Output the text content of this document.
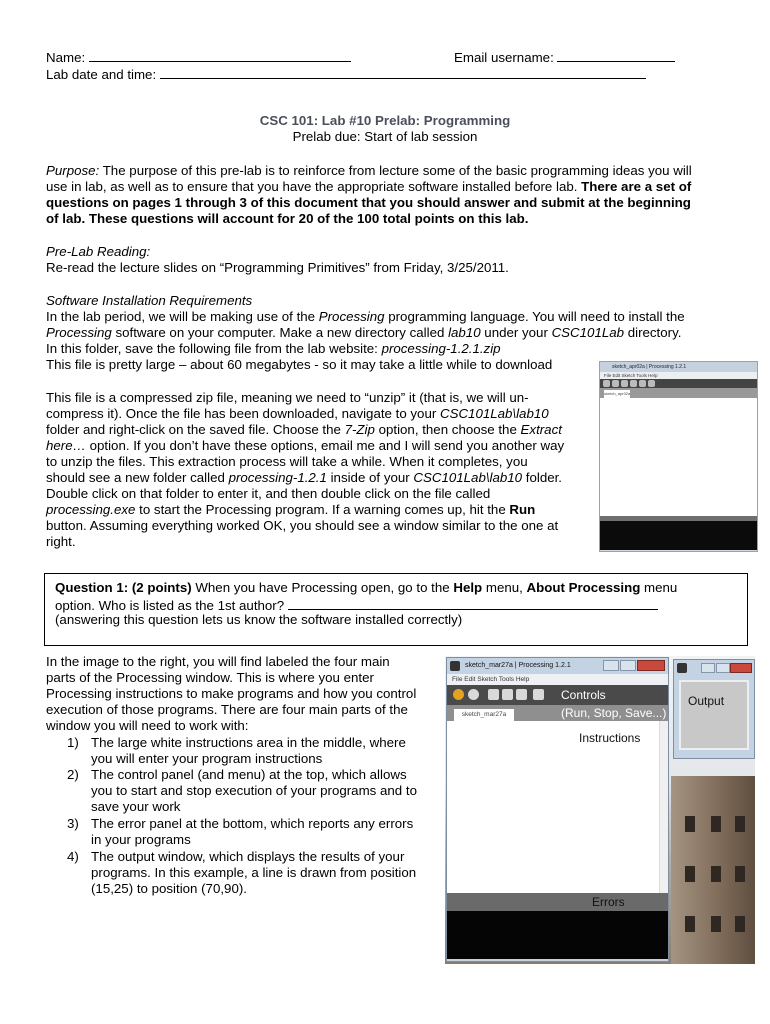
Name:	Email username:
Lab date and time:
CSC 101: Lab #10 Prelab: Programming
Prelab due: Start of lab session
Purpose: The purpose of this pre-lab is to reinforce from lecture some of the basic programming ideas you will
use in lab, as well as to ensure that you have the appropriate software installed before lab. There are a set of
questions on pages 1 through 3 of this document that you should answer and submit at the beginning
of lab. These questions will account for 20 of the 100 total points on this lab.
Pre-Lab Reading:
Re-read the lecture slides on “Programming Primitives” from Friday, 3/25/2011.
Software Installation Requirements
In the lab period, we will be making use of the Processing programming language. You will need to install the
Processing software on your computer. Make a new directory called lab10 under your CSC101Lab directory.
In this folder, save the following file from the lab website: processing-1.2.1.zip
This file is pretty large – about 60 megabytes - so it may take a little while to download
This file is a compressed zip file, meaning we need to “unzip” it (that is, we will un-
compress it). Once the file has been downloaded, navigate to your CSC101Lab\lab10
folder and right-click on the saved file. Choose the 7-Zip option, then choose the Extract
here… option. If you don’t have these options, email me and I will send you another way
to unzip the files. This extraction process will take a while. When it completes, you
should see a new folder called processing-1.2.1 inside of your CSC101Lab\lab10 folder.
Double click on that folder to enter it, and then double click on the file called
processing.exe to start the Processing program. If a warning comes up, hit the Run
button. Assuming everything worked OK, you should see a window similar to the one at
right.
sketch_apr02a | Processing 1.2.1
File Edit Sketch Tools Help
sketch_apr02a
Question 1: (2 points) When you have Processing open, go to the Help menu, About Processing menu
option. Who is listed as the 1st author?
(answering this question lets us know the software installed correctly)
In the image to the right, you will find labeled the four main
parts of the Processing window. This is where you enter
Processing instructions to make programs and how you control
execution of those programs. There are four main parts of the
window you will need to work with:
1) The large white instructions area in the middle, where
you will enter your program instructions
2) The control panel (and menu) at the top, which allows
you to start and stop execution of your programs and to
save your work
3) The error panel at the bottom, which reports any errors
in your programs
4) The output window, which displays the results of your
programs. In this example, a line is drawn from position
(15,25) to position (70,90).
sketch_mar27a | Processing 1.2.1
File Edit Sketch Tools Help
Controls
sketch_mar27a	(Run, Stop, Save...)
Instructions
Errors
Output
